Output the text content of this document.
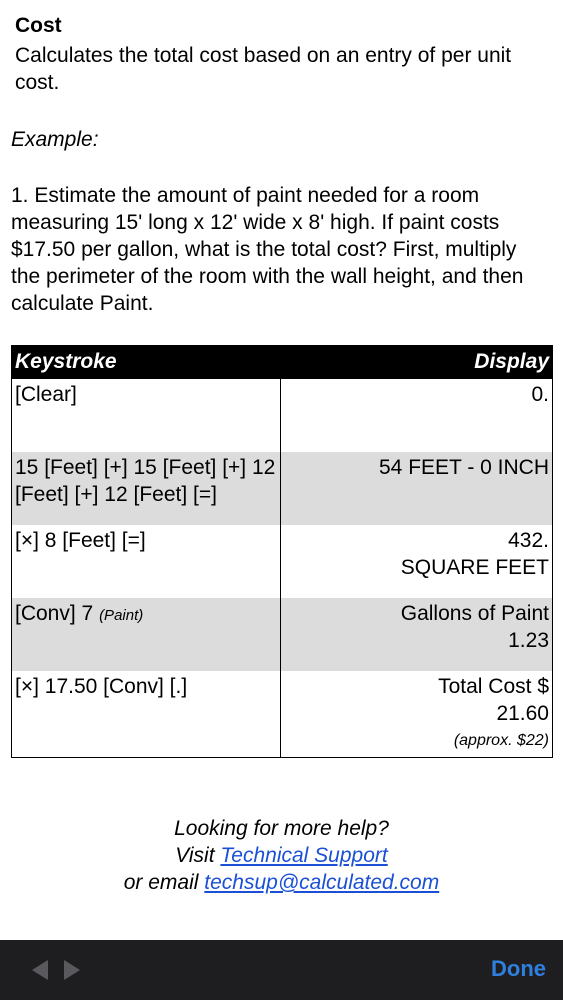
Cost
Calculates the total cost based on an entry of per unit cost.
Example:
1. Estimate the amount of paint needed for a room measuring 15' long x 12' wide x 8' high. If paint costs $17.50 per gallon, what is the total cost? First, multiply the perimeter of the room with the wall height, and then calculate Paint.
Keystroke	Display
[Clear]	0.
15 [Feet] [+] 15 [Feet] [+] 12 [Feet] [+] 12 [Feet] [=]	54 FEET - 0 INCH
[×] 8 [Feet] [=]	432.
SQUARE FEET

[Conv] 7 (Paint)	Gallons of Paint
1.23

[×] 17.50 [Conv] [.]	Total Cost $
21.60
(approx. $22)
Looking for more help?
Visit Technical Support
or email techsup@calculated.com
Done
